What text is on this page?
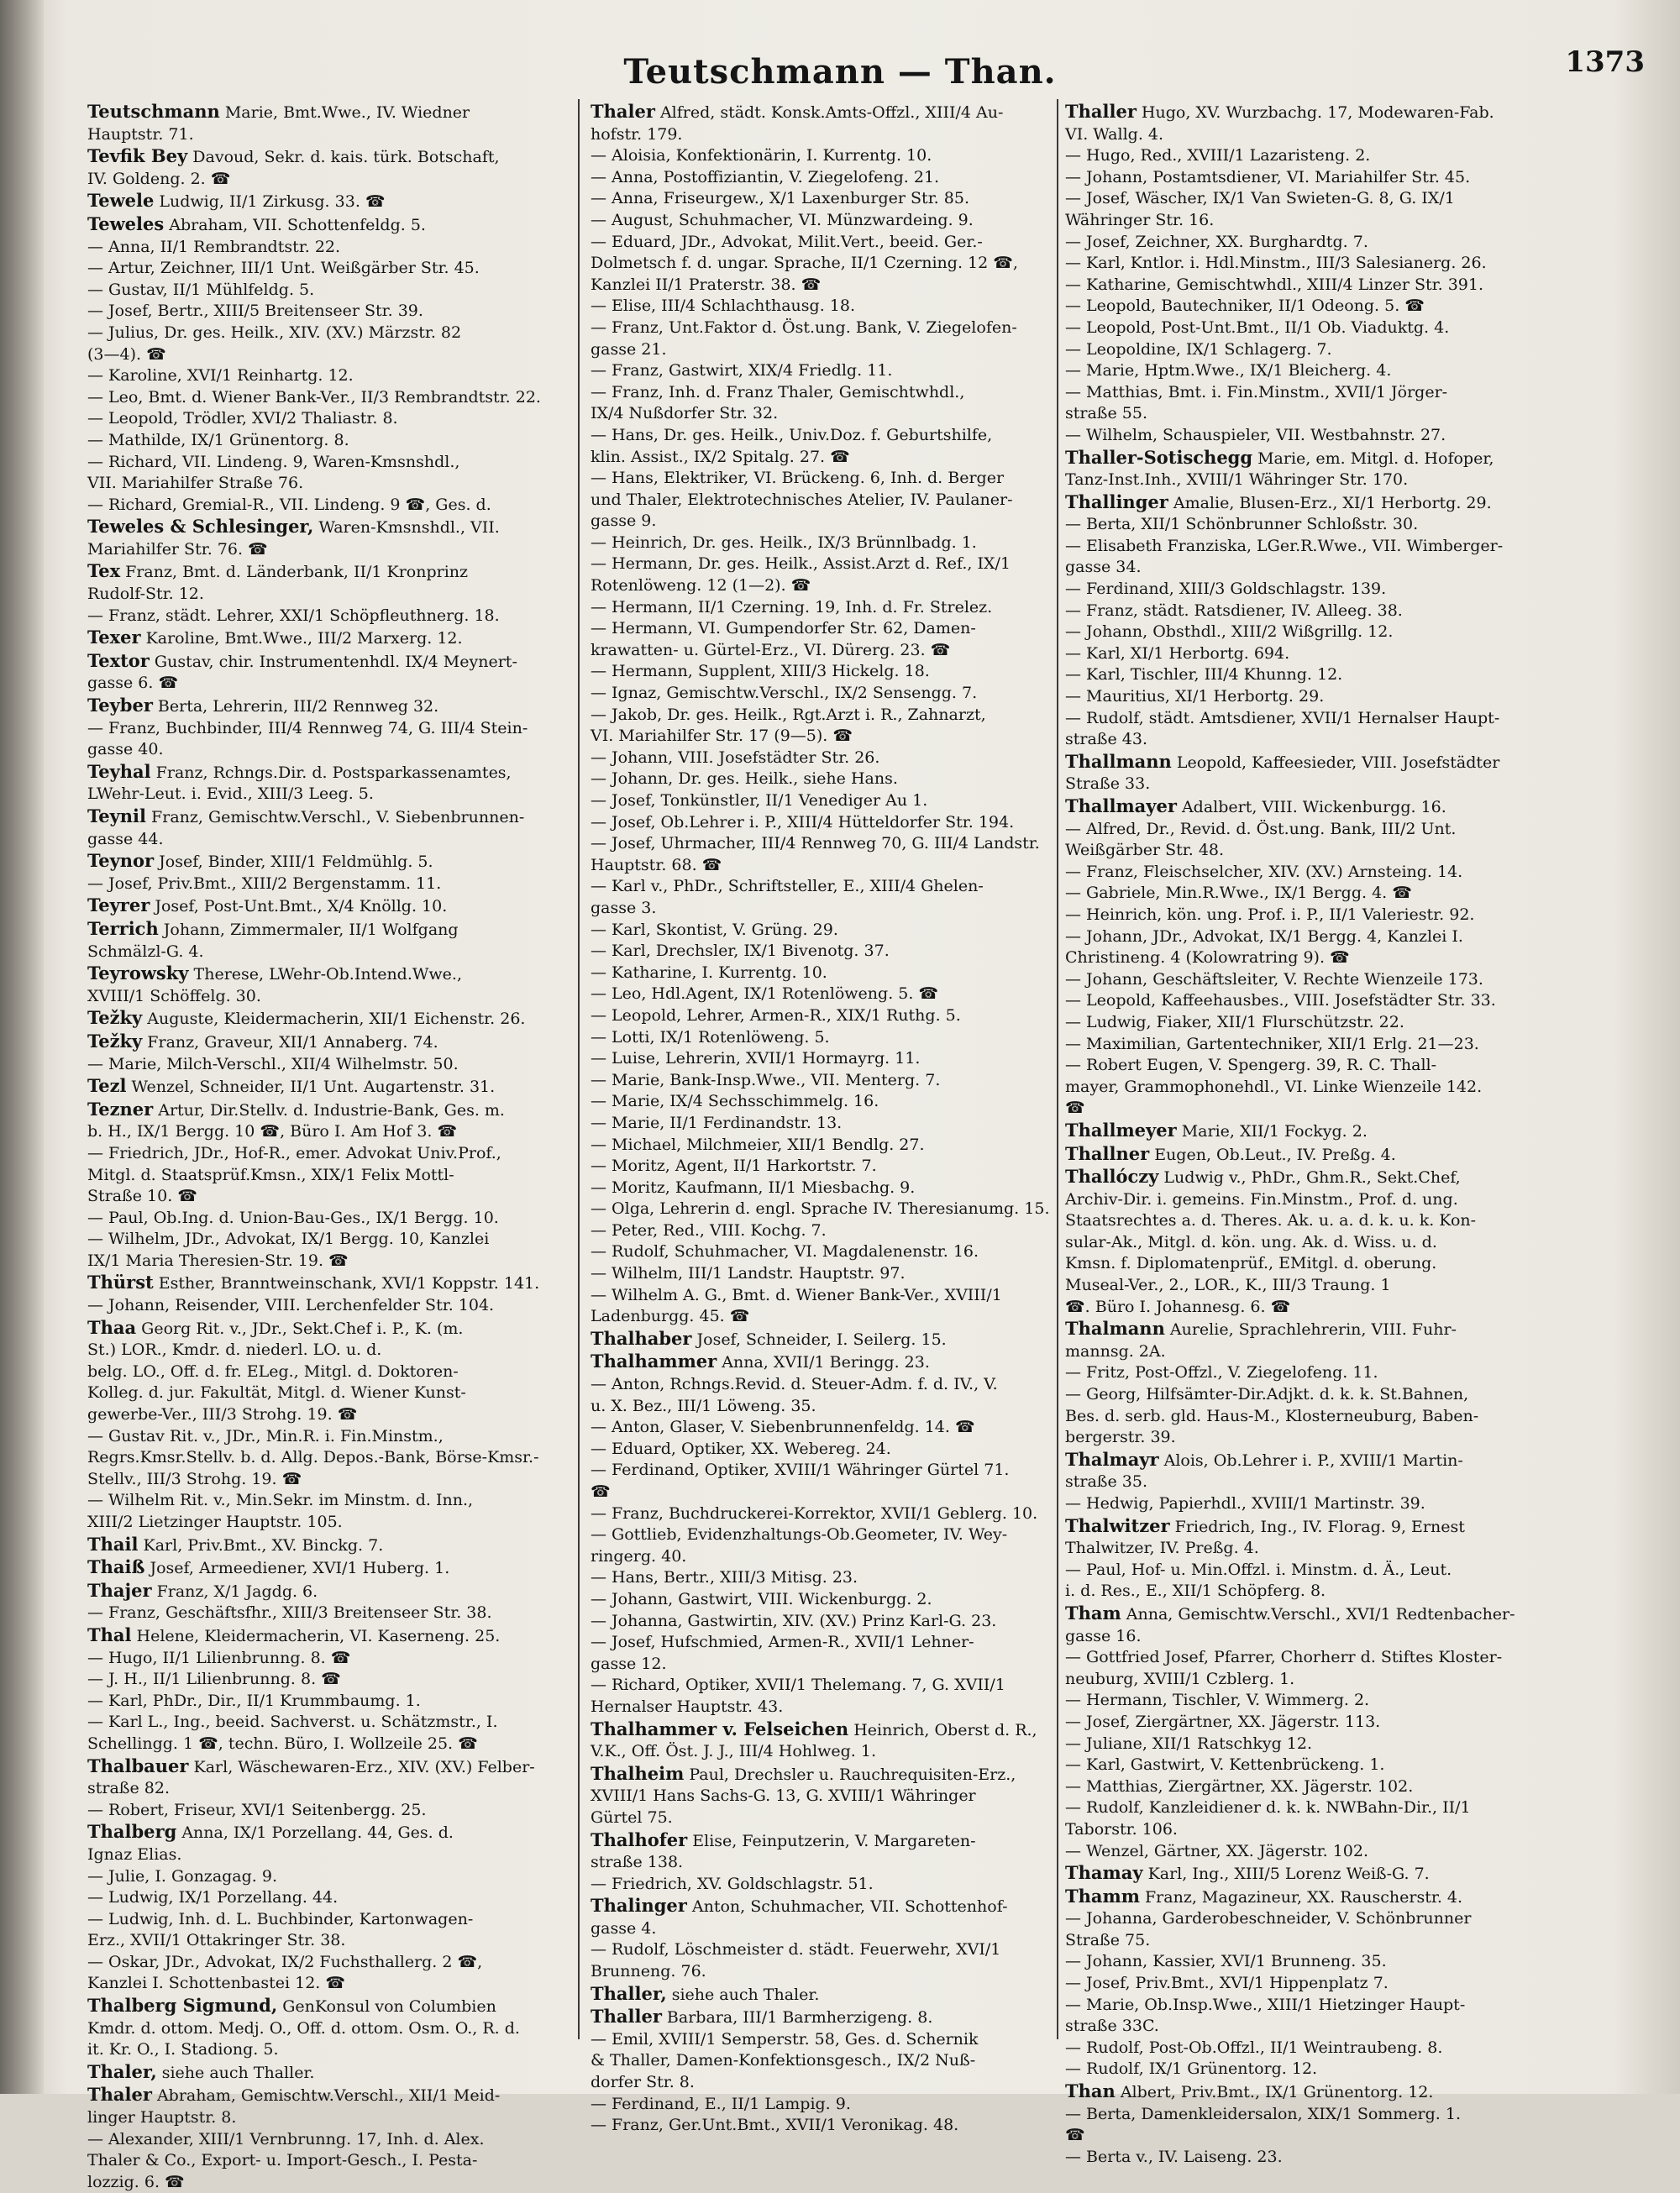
Teutschmann — Than.	1373
Teutschmann Marie, Bmt.Wwe., IV. Wiedner
Hauptstr. 71.
Tevfik Bey Davoud, Sekr. d. kais. türk. Botschaft,
IV. Goldeng. 2. ☎
Tewele Ludwig, II/1 Zirkusg. 33. ☎
Teweles Abraham, VII. Schottenfeldg. 5.
— Anna, II/1 Rembrandtstr. 22.
— Artur, Zeichner, III/1 Unt. Weißgärber Str. 45.
— Gustav, II/1 Mühlfeldg. 5.
— Josef, Bertr., XIII/5 Breitenseer Str. 39.
— Julius, Dr. ges. Heilk., XIV. (XV.) Märzstr. 82
(3—4). ☎
— Karoline, XVI/1 Reinhartg. 12.
— Leo, Bmt. d. Wiener Bank-Ver., II/3 Rembrandtstr. 22.
— Leopold, Trödler, XVI/2 Thaliastr. 8.
— Mathilde, IX/1 Grünentorg. 8.
— Richard, VII. Lindeng. 9, Waren-Kmsnshdl.,
VII. Mariahilfer Straße 76.
— Richard, Gremial-R., VII. Lindeng. 9 ☎, Ges. d.
Teweles & Schlesinger, Waren-Kmsnshdl., VII.
Mariahilfer Str. 76. ☎
Tex Franz, Bmt. d. Länderbank, II/1 Kronprinz
Rudolf-Str. 12.
— Franz, städt. Lehrer, XXI/1 Schöpfleuthnerg. 18.
Texer Karoline, Bmt.Wwe., III/2 Marxerg. 12.
Textor Gustav, chir. Instrumentenhdl. IX/4 Meynert-
gasse 6. ☎
Teyber Berta, Lehrerin, III/2 Rennweg 32.
— Franz, Buchbinder, III/4 Rennweg 74, G. III/4 Stein-
gasse 40.
Teyhal Franz, Rchngs.Dir. d. Postsparkassenamtes,
LWehr-Leut. i. Evid., XIII/3 Leeg. 5.
Teynil Franz, Gemischtw.Verschl., V. Siebenbrunnen-
gasse 44.
Teynor Josef, Binder, XIII/1 Feldmühlg. 5.
— Josef, Priv.Bmt., XIII/2 Bergenstamm. 11.
Teyrer Josef, Post-Unt.Bmt., X/4 Knöllg. 10.
Terrich Johann, Zimmermaler, II/1 Wolfgang
Schmälzl-G. 4.
Teyrowsky Therese, LWehr-Ob.Intend.Wwe.,
XVIII/1 Schöffelg. 30.
Težky Auguste, Kleidermacherin, XII/1 Eichenstr. 26.
Težky Franz, Graveur, XII/1 Annaberg. 74.
— Marie, Milch-Verschl., XII/4 Wilhelmstr. 50.
Tezl Wenzel, Schneider, II/1 Unt. Augartenstr. 31.
Tezner Artur, Dir.Stellv. d. Industrie-Bank, Ges. m.
b. H., IX/1 Bergg. 10 ☎, Büro I. Am Hof 3. ☎
— Friedrich, JDr., Hof-R., emer. Advokat Univ.Prof.,
Mitgl. d. Staatsprüf.Kmsn., XIX/1 Felix Mottl-
Straße 10. ☎
— Paul, Ob.Ing. d. Union-Bau-Ges., IX/1 Bergg. 10.
— Wilhelm, JDr., Advokat, IX/1 Bergg. 10, Kanzlei
IX/1 Maria Theresien-Str. 19. ☎
Thürst Esther, Branntweinschank, XVI/1 Koppstr. 141.
— Johann, Reisender, VIII. Lerchenfelder Str. 104.
Thaa Georg Rit. v., JDr., Sekt.Chef i. P., K. (m.
St.) LOR., Kmdr. d. niederl. LO. u. d.
belg. LO., Off. d. fr. ELeg., Mitgl. d. Doktoren-
Kolleg. d. jur. Fakultät, Mitgl. d. Wiener Kunst-
gewerbe-Ver., III/3 Strohg. 19. ☎
— Gustav Rit. v., JDr., Min.R. i. Fin.Minstm.,
Regrs.Kmsr.Stellv. b. d. Allg. Depos.-Bank, Börse-Kmsr.-
Stellv., III/3 Strohg. 19. ☎
— Wilhelm Rit. v., Min.Sekr. im Minstm. d. Inn.,
XIII/2 Lietzinger Hauptstr. 105.
Thail Karl, Priv.Bmt., XV. Binckg. 7.
Thaiß Josef, Armeediener, XVI/1 Huberg. 1.
Thajer Franz, X/1 Jagdg. 6.
— Franz, Geschäftsfhr., XIII/3 Breitenseer Str. 38.
Thal Helene, Kleidermacherin, VI. Kaserneng. 25.
— Hugo, II/1 Lilienbrunng. 8. ☎
— J. H., II/1 Lilienbrunng. 8. ☎
— Karl, PhDr., Dir., II/1 Krummbaumg. 1.
— Karl L., Ing., beeid. Sachverst. u. Schätzmstr., I.
Schellingg. 1 ☎, techn. Büro, I. Wollzeile 25. ☎
Thalbauer Karl, Wäschewaren-Erz., XIV. (XV.) Felber-
straße 82.
— Robert, Friseur, XVI/1 Seitenbergg. 25.
Thalberg Anna, IX/1 Porzellang. 44, Ges. d.
Ignaz Elias.
— Julie, I. Gonzagag. 9.
— Ludwig, IX/1 Porzellang. 44.
— Ludwig, Inh. d. L. Buchbinder, Kartonwagen-
Erz., XVII/1 Ottakringer Str. 38.
— Oskar, JDr., Advokat, IX/2 Fuchsthallerg. 2 ☎,
Kanzlei I. Schottenbastei 12. ☎
Thalberg Sigmund, GenKonsul von Columbien
Kmdr. d. ottom. Medj. O., Off. d. ottom. Osm. O., R. d.
it. Kr. O., I. Stadiong. 5.
Thaler, siehe auch Thaller.
Thaler Abraham, Gemischtw.Verschl., XII/1 Meid-
linger Hauptstr. 8.
— Alexander, XIII/1 Vernbrunng. 17, Inh. d. Alex.
Thaler & Co., Export- u. Import-Gesch., I. Pesta-
lozzig. 6. ☎
Thaler Alfred, städt. Konsk.Amts-Offzl., XIII/4 Au-
hofstr. 179.
— Aloisia, Konfektionärin, I. Kurrentg. 10.
— Anna, Postoffiziantin, V. Ziegelofeng. 21.
— Anna, Friseurgew., X/1 Laxenburger Str. 85.
— August, Schuhmacher, VI. Münzwardeing. 9.
— Eduard, JDr., Advokat, Milit.Vert., beeid. Ger.-
Dolmetsch f. d. ungar. Sprache, II/1 Czerning. 12 ☎,
Kanzlei II/1 Praterstr. 38. ☎
— Elise, III/4 Schlachthausg. 18.
— Franz, Unt.Faktor d. Öst.ung. Bank, V. Ziegelofen-
gasse 21.
— Franz, Gastwirt, XIX/4 Friedlg. 11.
— Franz, Inh. d. Franz Thaler, Gemischtwhdl.,
IX/4 Nußdorfer Str. 32.
— Hans, Dr. ges. Heilk., Univ.Doz. f. Geburtshilfe,
klin. Assist., IX/2 Spitalg. 27. ☎
— Hans, Elektriker, VI. Brückeng. 6, Inh. d. Berger
und Thaler, Elektrotechnisches Atelier, IV. Paulaner-
gasse 9.
— Heinrich, Dr. ges. Heilk., IX/3 Brünnlbadg. 1.
— Hermann, Dr. ges. Heilk., Assist.Arzt d. Ref., IX/1
Rotenlöweng. 12 (1—2). ☎
— Hermann, II/1 Czerning. 19, Inh. d. Fr. Strelez.
— Hermann, VI. Gumpendorfer Str. 62, Damen-
krawatten- u. Gürtel-Erz., VI. Dürerg. 23. ☎
— Hermann, Supplent, XIII/3 Hickelg. 18.
— Ignaz, Gemischtw.Verschl., IX/2 Sensengg. 7.
— Jakob, Dr. ges. Heilk., Rgt.Arzt i. R., Zahnarzt,
VI. Mariahilfer Str. 17 (9—5). ☎
— Johann, VIII. Josefstädter Str. 26.
— Johann, Dr. ges. Heilk., siehe Hans.
— Josef, Tonkünstler, II/1 Venediger Au 1.
— Josef, Ob.Lehrer i. P., XIII/4 Hütteldorfer Str. 194.
— Josef, Uhrmacher, III/4 Rennweg 70, G. III/4 Landstr.
Hauptstr. 68. ☎
— Karl v., PhDr., Schriftsteller, E., XIII/4 Ghelen-
gasse 3.
— Karl, Skontist, V. Grüng. 29.
— Karl, Drechsler, IX/1 Bivenotg. 37.
— Katharine, I. Kurrentg. 10.
— Leo, Hdl.Agent, IX/1 Rotenlöweng. 5. ☎
— Leopold, Lehrer, Armen-R., XIX/1 Ruthg. 5.
— Lotti, IX/1 Rotenlöweng. 5.
— Luise, Lehrerin, XVII/1 Hormayrg. 11.
— Marie, Bank-Insp.Wwe., VII. Menterg. 7.
— Marie, IX/4 Sechsschimmelg. 16.
— Marie, II/1 Ferdinandstr. 13.
— Michael, Milchmeier, XII/1 Bendlg. 27.
— Moritz, Agent, II/1 Harkortstr. 7.
— Moritz, Kaufmann, II/1 Miesbachg. 9.
— Olga, Lehrerin d. engl. Sprache IV. Theresianumg. 15.
— Peter, Red., VIII. Kochg. 7.
— Rudolf, Schuhmacher, VI. Magdalenenstr. 16.
— Wilhelm, III/1 Landstr. Hauptstr. 97.
— Wilhelm A. G., Bmt. d. Wiener Bank-Ver., XVIII/1
Ladenburgg. 45. ☎
Thalhaber Josef, Schneider, I. Seilerg. 15.
Thalhammer Anna, XVII/1 Beringg. 23.
— Anton, Rchngs.Revid. d. Steuer-Adm. f. d. IV., V.
u. X. Bez., III/1 Löweng. 35.
— Anton, Glaser, V. Siebenbrunnenfeldg. 14. ☎
— Eduard, Optiker, XX. Webereg. 24.
— Ferdinand, Optiker, XVIII/1 Währinger Gürtel 71.
☎
— Franz, Buchdruckerei-Korrektor, XVII/1 Geblerg. 10.
— Gottlieb, Evidenzhaltungs-Ob.Geometer, IV. Wey-
ringerg. 40.
— Hans, Bertr., XIII/3 Mitisg. 23.
— Johann, Gastwirt, VIII. Wickenburgg. 2.
— Johanna, Gastwirtin, XIV. (XV.) Prinz Karl-G. 23.
— Josef, Hufschmied, Armen-R., XVII/1 Lehner-
gasse 12.
— Richard, Optiker, XVII/1 Thelemang. 7, G. XVII/1
Hernalser Hauptstr. 43.
Thalhammer v. Felseichen Heinrich, Oberst d. R.,
V.K., Off. Öst. J. J., III/4 Hohlweg. 1.
Thalheim Paul, Drechsler u. Rauchrequisiten-Erz.,
XVIII/1 Hans Sachs-G. 13, G. XVIII/1 Währinger
Gürtel 75.
Thalhofer Elise, Feinputzerin, V. Margareten-
straße 138.
— Friedrich, XV. Goldschlagstr. 51.
Thalinger Anton, Schuhmacher, VII. Schottenhof-
gasse 4.
— Rudolf, Löschmeister d. städt. Feuerwehr, XVI/1
Brunneng. 76.
Thaller, siehe auch Thaler.
Thaller Barbara, III/1 Barmherzigeng. 8.
— Emil, XVIII/1 Semperstr. 58, Ges. d. Schernik
& Thaller, Damen-Konfektionsgesch., IX/2 Nuß-
dorfer Str. 8.
— Ferdinand, E., II/1 Lampig. 9.
— Franz, Ger.Unt.Bmt., XVII/1 Veronikag. 48.
Thaller Hugo, XV. Wurzbachg. 17, Modewaren-Fab.
VI. Wallg. 4.
— Hugo, Red., XVIII/1 Lazaristeng. 2.
— Johann, Postamtsdiener, VI. Mariahilfer Str. 45.
— Josef, Wäscher, IX/1 Van Swieten-G. 8, G. IX/1
Währinger Str. 16.
— Josef, Zeichner, XX. Burghardtg. 7.
— Karl, Kntlor. i. Hdl.Minstm., III/3 Salesianerg. 26.
— Katharine, Gemischtwhdl., XIII/4 Linzer Str. 391.
— Leopold, Bautechniker, II/1 Odeong. 5. ☎
— Leopold, Post-Unt.Bmt., II/1 Ob. Viaduktg. 4.
— Leopoldine, IX/1 Schlagerg. 7.
— Marie, Hptm.Wwe., IX/1 Bleicherg. 4.
— Matthias, Bmt. i. Fin.Minstm., XVII/1 Jörger-
straße 55.
— Wilhelm, Schauspieler, VII. Westbahnstr. 27.
Thaller-Sotischegg Marie, em. Mitgl. d. Hofoper,
Tanz-Inst.Inh., XVIII/1 Währinger Str. 170.
Thallinger Amalie, Blusen-Erz., XI/1 Herbortg. 29.
— Berta, XII/1 Schönbrunner Schloßstr. 30.
— Elisabeth Franziska, LGer.R.Wwe., VII. Wimberger-
gasse 34.
— Ferdinand, XIII/3 Goldschlagstr. 139.
— Franz, städt. Ratsdiener, IV. Alleeg. 38.
— Johann, Obsthdl., XIII/2 Wißgrillg. 12.
— Karl, XI/1 Herbortg. 694.
— Karl, Tischler, III/4 Khunng. 12.
— Mauritius, XI/1 Herbortg. 29.
— Rudolf, städt. Amtsdiener, XVII/1 Hernalser Haupt-
straße 43.
Thallmann Leopold, Kaffeesieder, VIII. Josefstädter
Straße 33.
Thallmayer Adalbert, VIII. Wickenburgg. 16.
— Alfred, Dr., Revid. d. Öst.ung. Bank, III/2 Unt.
Weißgärber Str. 48.
— Franz, Fleischselcher, XIV. (XV.) Arnsteing. 14.
— Gabriele, Min.R.Wwe., IX/1 Bergg. 4. ☎
— Heinrich, kön. ung. Prof. i. P., II/1 Valeriestr. 92.
— Johann, JDr., Advokat, IX/1 Bergg. 4, Kanzlei I.
Christineng. 4 (Kolowratring 9). ☎
— Johann, Geschäftsleiter, V. Rechte Wienzeile 173.
— Leopold, Kaffeehausbes., VIII. Josefstädter Str. 33.
— Ludwig, Fiaker, XII/1 Flurschützstr. 22.
— Maximilian, Gartentechniker, XII/1 Erlg. 21—23.
— Robert Eugen, V. Spengerg. 39, R. C. Thall-
mayer, Grammophonehdl., VI. Linke Wienzeile 142.
☎
Thallmeyer Marie, XII/1 Fockyg. 2.
Thallner Eugen, Ob.Leut., IV. Preßg. 4.
Thallóczy Ludwig v., PhDr., Ghm.R., Sekt.Chef,
Archiv-Dir. i. gemeins. Fin.Minstm., Prof. d. ung.
Staatsrechtes a. d. Theres. Ak. u. a. d. k. u. k. Kon-
sular-Ak., Mitgl. d. kön. ung. Ak. d. Wiss. u. d.
Kmsn. f. Diplomatenprüf., EMitgl. d. oberung.
Museal-Ver., 2., LOR., K., III/3 Traung. 1
☎. Büro I. Johannesg. 6. ☎
Thalmann Aurelie, Sprachlehrerin, VIII. Fuhr-
mannsg. 2A.
— Fritz, Post-Offzl., V. Ziegelofeng. 11.
— Georg, Hilfsämter-Dir.Adjkt. d. k. k. St.Bahnen,
Bes. d. serb. gld. Haus-M., Klosterneuburg, Baben-
bergerstr. 39.
Thalmayr Alois, Ob.Lehrer i. P., XVIII/1 Martin-
straße 35.
— Hedwig, Papierhdl., XVIII/1 Martinstr. 39.
Thalwitzer Friedrich, Ing., IV. Florag. 9, Ernest
Thalwitzer, IV. Preßg. 4.
— Paul, Hof- u. Min.Offzl. i. Minstm. d. Ä., Leut.
i. d. Res., E., XII/1 Schöpferg. 8.
Tham Anna, Gemischtw.Verschl., XVI/1 Redtenbacher-
gasse 16.
— Gottfried Josef, Pfarrer, Chorherr d. Stiftes Kloster-
neuburg, XVIII/1 Czblerg. 1.
— Hermann, Tischler, V. Wimmerg. 2.
— Josef, Ziergärtner, XX. Jägerstr. 113.
— Juliane, XII/1 Ratschkyg 12.
— Karl, Gastwirt, V. Kettenbrückeng. 1.
— Matthias, Ziergärtner, XX. Jägerstr. 102.
— Rudolf, Kanzleidiener d. k. k. NWBahn-Dir., II/1
Taborstr. 106.
— Wenzel, Gärtner, XX. Jägerstr. 102.
Thamay Karl, Ing., XIII/5 Lorenz Weiß-G. 7.
Thamm Franz, Magazineur, XX. Rauscherstr. 4.
— Johanna, Garderobeschneider, V. Schönbrunner
Straße 75.
— Johann, Kassier, XVI/1 Brunneng. 35.
— Josef, Priv.Bmt., XVI/1 Hippenplatz 7.
— Marie, Ob.Insp.Wwe., XIII/1 Hietzinger Haupt-
straße 33C.
— Rudolf, Post-Ob.Offzl., II/1 Weintraubeng. 8.
— Rudolf, IX/1 Grünentorg. 12.
Than Albert, Priv.Bmt., IX/1 Grünentorg. 12.
— Berta, Damenkleidersalon, XIX/1 Sommerg. 1.
☎
— Berta v., IV. Laiseng. 23.
